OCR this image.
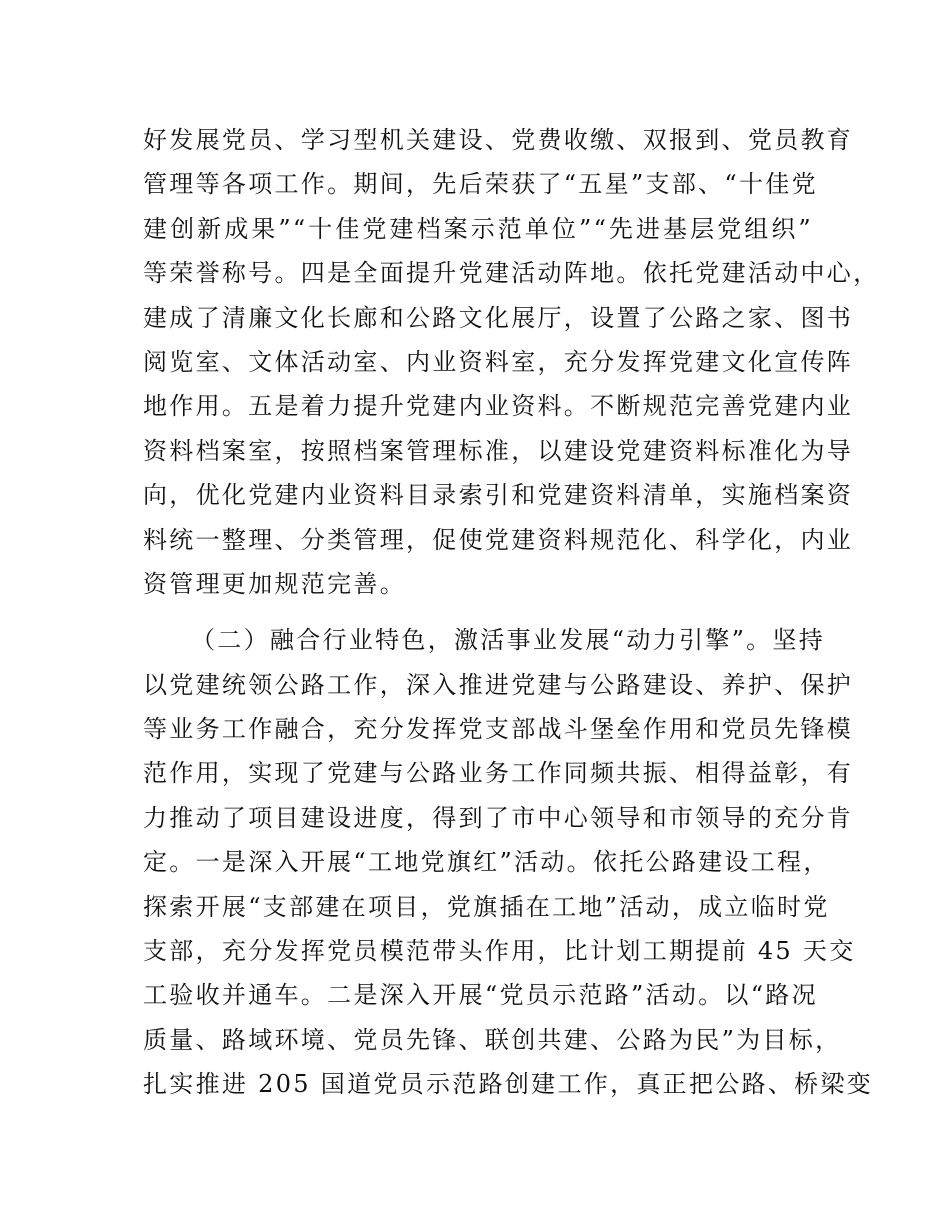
好发展党员、学习型机关建设、党费收缴、双报到、党员教育
管理等各项工作。期间，先后荣获了“五星”支部、“十佳党
建创新成果”“十佳党建档案示范单位”“先进基层党组织”
等荣誉称号。四是全面提升党建活动阵地。依托党建活动中心，
建成了清廉文化长廊和公路文化展厅，设置了公路之家、图书
阅览室、文体活动室、内业资料室，充分发挥党建文化宣传阵
地作用。五是着力提升党建内业资料。不断规范完善党建内业
资料档案室，按照档案管理标准，以建设党建资料标准化为导
向，优化党建内业资料目录索引和党建资料清单，实施档案资
料统一整理、分类管理，促使党建资料规范化、科学化，内业
资管理更加规范完善。
（二）融合行业特色，激活事业发展“动力引擎”。坚持
以党建统领公路工作，深入推进党建与公路建设、养护、保护
等业务工作融合，充分发挥党支部战斗堡垒作用和党员先锋模
范作用，实现了党建与公路业务工作同频共振、相得益彰，有
力推动了项目建设进度，得到了市中心领导和市领导的充分肯
定。一是深入开展“工地党旗红”活动。依托公路建设工程，
探索开展“支部建在项目，党旗插在工地”活动，成立临时党
支部，充分发挥党员模范带头作用，比计划工期提前 45 天交
工验收并通车。二是深入开展“党员示范路”活动。以“路况
质量、路域环境、党员先锋、联创共建、公路为民”为目标，
扎实推进 205 国道党员示范路创建工作，真正把公路、桥梁变
